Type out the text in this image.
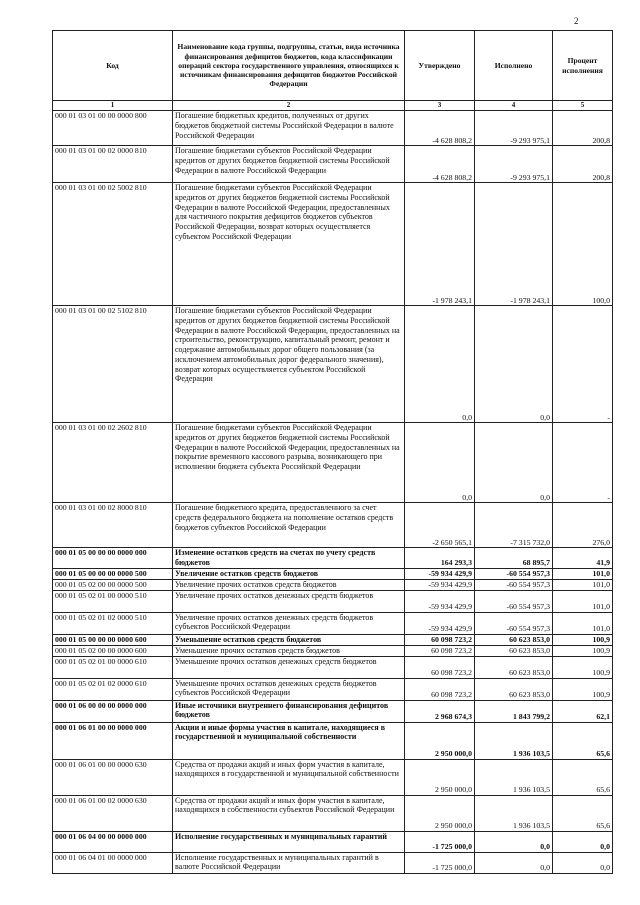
2
Код	Наименование кода группы, подгруппы, статьи, вида источника финансирования дефицитов бюджетов, кода классификации операций сектора государственного управления, относящихся к источникам финансирования дефицитов бюджетов Российской Федерации	Утверждено	Исполнено	Процент исполнения
1	2	3	4	5
000 01 03 01 00 00 0000 800	Погашение бюджетных кредитов, полученных от других бюджетов бюджетной системы Российской Федерации в валюте Российской Федерации	-4 628 808,2	-9 293 975,1	200,8
000 01 03 01 00 02 0000 810	Погашение бюджетами субъектов Российской Федерации кредитов от других бюджетов бюджетной системы Российской Федерации в валюте Российской Федерации	-4 628 808,2	-9 293 975,1	200,8
000 01 03 01 00 02 5002 810	Погашение бюджетами субъектов Российской Федерации кредитов от других бюджетов бюджетной системы Российской Федерации в валюте Российской Федерации, предоставленных для частичного покрытия дефицитов бюджетов субъектов Российской Федерации, возврат которых осуществляется субъектом Российской Федерации	-1 978 243,1	-1 978 243,1	100,0
000 01 03 01 00 02 5102 810	Погашение бюджетами субъектов Российской Федерации кредитов от других бюджетов бюджетной системы Российской Федерации в валюте Российской Федерации, предоставленных на строительство, реконструкцию, капитальный ремонт, ремонт и содержание автомобильных дорог общего пользования (за исключением автомобильных дорог федерального значения), возврат которых осуществляется субъектом Российской Федерации	0,0	0,0	-
000 01 03 01 00 02 2602 810	Погашение бюджетами субъектов Российской Федерации кредитов от других бюджетов бюджетной системы Российской Федерации в валюте Российской Федерации, предоставленных на покрытие временного кассового разрыва, возникающего при исполнении бюджета субъекта Российской Федерации	0,0	0,0	-
000 01 03 01 00 02 8000 810	Погашение бюджетного кредита, предоставленного за счет средств федерального бюджета на пополнение остатков средств бюджетов субъектов Российской Федерации	-2 650 565,1	-7 315 732,0	276,0
000 01 05 00 00 00 0000 000	Изменение остатков средств на счетах по учету средств бюджетов	164 293,3	68 895,7	41,9
000 01 05 00 00 00 0000 500	Увеличение остатков средств бюджетов	-59 934 429,9	-60 554 957,3	101,0
000 01 05 02 00 00 0000 500	Увеличение прочих остатков средств бюджетов	-59 934 429,9	-60 554 957,3	101,0
000 01 05 02 01 00 0000 510	Увеличение прочих остатков денежных средств бюджетов	-59 934 429,9	-60 554 957,3	101,0
000 01 05 02 01 02 0000 510	Увеличение прочих остатков денежных средств бюджетов субъектов Российской Федерации	-59 934 429,9	-60 554 957,3	101,0
000 01 05 00 00 00 0000 600	Уменьшение остатков средств бюджетов	60 098 723,2	60 623 853,0	100,9
000 01 05 02 00 00 0000 600	Уменьшение прочих остатков средств бюджетов	60 098 723,2	60 623 853,0	100,9
000 01 05 02 01 00 0000 610	Уменьшение прочих остатков денежных средств бюджетов	60 098 723,2	60 623 853,0	100,9
000 01 05 02 01 02 0000 610	Уменьшение прочих остатков денежных средств бюджетов субъектов Российской Федерации	60 098 723,2	60 623 853,0	100,9
000 01 06 00 00 00 0000 000	Иные источники внутреннего финансирования дефицитов бюджетов	2 968 674,3	1 843 799,2	62,1
000 01 06 01 00 00 0000 000	Акции и иные формы участия в капитале, находящиеся в государственной и муниципальной собственности	2 950 000,0	1 936 103,5	65,6
000 01 06 01 00 00 0000 630	Средства от продажи акций и иных форм участия в капитале, находящихся в государственной и муниципальной собственности	2 950 000,0	1 936 103,5	65,6
000 01 06 01 00 02 0000 630	Средства от продажи акций и иных форм участия в капитале, находящихся в собственности субъектов Российской Федерации	2 950 000,0	1 936 103,5	65,6
000 01 06 04 00 00 0000 000	Исполнение государственных и муниципальных гарантий	-1 725 000,0	0,0	0,0
000 01 06 04 01 00 0000 000	Исполнение государственных и муниципальных гарантий в валюте Российской Федерации	-1 725 000,0	0,0	0,0
